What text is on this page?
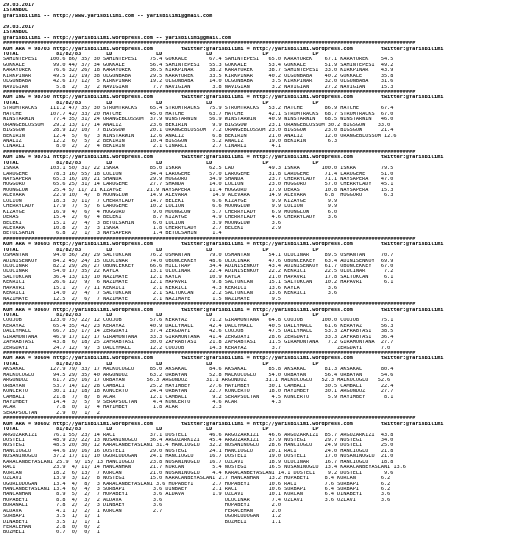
29.03.2017
ISTANBUL
@YarisBilimi -- http://www.yarisbilimi.com -- yarisbilimi@gmail.com

29.03.2017
ISTANBUL
@YarisBilimi -- http://yarisbilimi.wordpress.com -- yarisbilimi@gmail.com
####################################################################################################################################
KUM ARA = 98703 http://yarisbilimi.wordpress.com         twitter:@YarisBilimi = http://yarisbilimi.wordpress.com         twitter:@YarisBilimi
TOTAL            81/82/83        LD              LD              LD                LP              LP
SAHINTEPESI    100.6 86/ 35/ 30 SAHINTEPESI    75.4 GOKKALE       67.4 SAHINTEPESI   65.0 KARAYUREK    67.1 KARAYUREK    54.5
GOKKALE         99.0 44/ 37/ 34 GOKKALE        56.4 SAHINTEPESI   55.3 GOKKALE       53.4 GOKKALE      51.9 SAHINTEPESI  49.2
KARAYUREK       76.6 32/ 26/ 18 KARAYUREK      36.5 KIRKPINAR     38.2 KARAYUREK     38.7 SAHINTEPESI  33.0 KIRKPINAR    43.9
KIRKPINAR       49.5 12/ 19/ 38 OLGUNBABA      29.5 KARAYUREK     33.5 KIRKPINAR     40.2 OLGUNBABA    40.2 GOKKALE      35.8
OLGUNBABA       42.6 17/ 12/  5 KIRKPINAR      19.2 OLGUNBABA     14.0 OLGUNBABA      3.5 KIRKPINAR    32.0 OLGUNBABA    31.6
NAVIGIAN         5.8  2/  3/  2 NAVIGIAN        7.7 NAVIGIAN       3.8 NAVIGIAN       3.2 NAVIGIAN     27.2 NAVIGIAN     15.3
####################################################################################################################################
KUM ING = 98750 http://yarisbilimi.wordpress.com         twitter:@YarisBilimi = http://yarisbilimi.wordpress.com         twitter:@YarisBilimi
TOTAL            81/82/83        LD              LD              LD                LP              LP
STROMTRACKS    111.2 47/ 35/ 30 STROMTRACKS    65.4 STROMTRACKS   75.9 STROMTRACKS   53.2 HATCHE       86.9 HATCHE       67.4
HATCHE         107.7 42/ 33/ 20 HATCHE         45.0 HATCHE        63.7 HATCHE        42.1 STROMTRACKS  68.7 STROMTRACKS  67.0
WINSTARWIN      77.4 35/ 31/ 24 ORANGEBLOSSOM  37.9 WINSTARWIN    56.9 WINSTARWIN    40.9 WINSTARWIN   68.5 WINSTARWIN   46.0
ORANGEBLOSSOM   29.2 13/ 17/ 14 ANALIZ         23.6 BEKIRIN        9.9 BIGSGOW       23.1 ORANGEBLOSSOM 30.2 BIGSGOW    33.0
BIGSGOW         28.9 12/ 10/  7 BIGSGOW        20.1 ORANGEBLOSSOM  7.2 ORANGEBLOSSOM 23.0 BIGSGOW      23.0 BIGSGOW      21.4
BEKIRIN         12.4  5/  6/  3 WINSTARWIN     12.6 ANALIZ         6.8 BEKIRIN       21.0 ANALIZ       12.0 ORANGEBLOSSOM 12.6
ANALIZ          12.2  6/  5/  2 BEKIRIN        10.4 BIGSGOW        5.2 ANALIZ        19.0 BEKIRIN       6.3
CINARLI          8.0  2/  2/  4 BEKIRIN         2.1 CINARLI        2.7 CINARLI        4.1
####################################################################################################################################
KUM ING = 98751 http://yarisbilimi.wordpress.com         twitter:@YarisBilimi = http://yarisbilimi.wordpress.com         twitter:@YarisBilimi
TOTAL            81/82/83        LD              LD              LD                LP              LP
ISKRA          103.1 50/ 31/ 22 ISKRA          85.0 ISKRA         62.5 LAD           49.3 ISKRA       100.0 ISKRA        79.5
LAROGEME        78.3 16/ 55/ 18 LOLION         34.4 LAROGEME      57.0 LAROGEME      31.8 LAROGEME     71.4 LAROGEME     51.0
NAYSAPERA       65.3 16/ 10/ 21 SHANDA         29.9 HOGGORU       34.9 SHANDA        23.7 CHERRYLADY   71.1 NAYSAPERA    47.0
HOGGORU         65.6 25/ 31/ 14 LAROGEME       27.7 SHANDA        14.0 LOLION        23.0 HOGGORU      57.0 CHERRYLADY   45.1
MOONGLOW        25.4 5/ 11/ 21 KIZAYGE        21.9 NAYSAPERA      11.4 HOGGORU       17.9 DERAS        10.8 NAYSAPERA    15.3
ALEVARA         22.9 10/  4/  8 MOONGLOW       14.9 ALEVARA        14.9 ALEVARA      14.9 ALEVARA      6.8  HOGGORU       6.3
LOLION          18.3  3/ 11/  7 CHERRYLADY     14.7 BELEKI         6.6 KIZAYGE        9.9 KIZAYGE       9.9
CHERRYLADY      17.9  7/  5/  6 LAROGEME       10.2 LOLION         6.6 MOONGLOW       9.9 LOLION        9.9
KIZAYGE         16.9  4/  6/  4 HOGGORU         9.0 MOONGLOW       5.7 CHERRYLADY     6.9 MOONGLOW      6.0
DERAS           15.4  2/  6/  4 BELEKI          8.7 KIZAYGE        4.9 CHERRYLADY     4.6 CHERRYLADY    3.6
BELEKI          15.1  2/  4/  3 BETULSAHIN      6.0 LOLION         3.9 MOONGLOW       3.6
ALEVARA         10.8  2/  3/  3 ISKRA           1.8 CHERRYLADY     2.7 BELEKI         2.9
BETULSAHIN       6.8  2/  1/  3 NAYSAPERA       1.4 BETULSAHIN     1.4
####################################################################################################################################
KUM ARA = 98693 http://yarisbilimi.wordpress.com         twitter:@YarisBilimi = http://yarisbilimi.wordpress.com         twitter:@YarisBilimi
TOTAL            81/82/83        LD              LD              LD                LP              LP
OSMANTAN        94.0 36/ 29/ 29 SALTUKCAN      76.2 OSMANTAN      79.0 OSMANTAN      54.1 ULUCINAR     89.5 OSMANTAN     70.7
ADINISENKOY     84.2 45/ 24/ 15 ULUCINAR       74.0 OBUNCEKKEY    48.6 ULUCINAR      47.6 OBUNCEKKEY   63.4 ADINISENKOY  69.9
ULUCINAR        82.2 29/ 26/ 27 OBUNCEKKEY     66.6 HILLTRAP      34.4 ADINISENKOY   43.4 ADINISENKOY  61.7 OBUNCEKKEY   67.0
ULUCINAR        54.0 17/ 35/ 22 KAYLA          13.1 ULUCINAR      22.4 ADINISENKOY   22.2 KEKRICI      22.5 ULUCINAR      7.2
SALTUKCAN       36.4 13/ 13/ 10 NAZIMAYE       12.1 KAYLA         10.9 KAYLA         21.0 HAPAVRI      17.8 SALTUKCAN     6.1
KEKRICI         26.6 12/  9/  6 NAZIMAYE       12.1 HAPAVRI        9.8 SALTUKCAN     15.1 SALTUKCAN    10.2 HAPAVRI       6.1
HAPAVRI         15.1  2/  7/ 11 KEKRICI         2.1 KEKRICI        4.3 KEKRICI       13.6 KAYLA         3.6
KEKRICI         14.0  2/  4/  7 SALTUKCAN       2.1 SALTUKCAN      2.2 SALTUKCAN     13.6 KEKRICI       3.6
NAZIMAYE        12.5  2/  6/  7 NAZIMAYE        2.1 NAZIMAYE       1.5 NAZIMAYE       9.5
####################################################################################################################################
KUM ARA = 98697 http://yarisbilimi.wordpress.com         twitter:@YarisBilimi = http://yarisbilimi.wordpress.com         twitter:@YarisBilimi
TOTAL            81/82/83        LD              LD              LD                LP              LP
COOJOB         123.0 75/ 22/ 12 COOJOB         57.6 KERAYAZ       71.2 GIRAMONTANA   64.8 COOJOB      100.0 COOJOB       75.1
KERAYAZ         65.4 35/ 42/ 23 KERAYAZ        40.9 DALLYMALL     42.4 DALLYMALL     40.5 DALLYMALL    61.6 KERAYAZ      56.3
DALLYMALL       66.7 15/ 17/ 14 ZERGDAYI       37.4 ZERGDAYI      42.6 COOJOB        47.5 DALLYMALL    53.3 ZAFRABTASI   38.5
GIRAMONTANA     46.9 17/ 12/ 17 GIRAMONTANA    33.3 GIRAMONTANA   41.4 ZERGDAYI      28.6 ZERGDAYI     33.3 ZAFRABTASI   36.4
ZAFRABTASI      43.8  6/ 18/ 25 ZAFRABTASI     30.0 ZAFRABTASI    21.8 ZAFRABTASI    11.5 GIRAMONTANA   7.2 GIRAMONTANA  27.7
ZERGDAYI        24.7 12/  9/  3 DALLYMALL      12.2 COOJOB        14.3 KERAYAZ        3.7                  ZERGDAYI      7.0
####################################################################################################################################
KUM ARA = 98694 http://yarisbilimi.wordpress.com         twitter:@YarisBilimi = http://yarisbilimi.wordpress.com         twitter:@YarisBilimi
TOTAL            81/82/83        LD              LD              LD                LP              LP
AKSAKAL        127.9 79/ 33/ 17 MALKOCOGLU     85.0 AKSAKAL       84.6 AKSAKAL       85.8 AKSAKAL      81.3 AKSAKAL      80.4
MALKOCOGLU      94.5 29/ 35/ 40 ARGUNDUZ       63.2 ORBAYAN       52.8 MALKOCOGLU    54.0 ORBAYAN      56.4 ORBAYAN      54.6
ARGUNDUZ        61.7 25/ 16/ 17 ORBAYAN       56.3 ARGUNDUZ      31.1 ARGUNDUZ      31.1 MALKOCOGLU   52.3 MALKOCOGLU   52.6
ORBAYAN         53.7 14/ 12/ 28 CAMBALI        25.2 HAYIMBEY      27.6 HAYIMBEY      30.1 CAMBALI      30.5 CAMBALI      22.4
KONCERTO        30.1 11/ 18/ 18 KONCERTO       24.4 ORBAYAN       22.7 KONCERTO      18.0 HAYIMBEY     30.1 ARGUNDUZ     27.7
CAMBALI         21.8  7/  8/  8 ACAR           12.1 CAMBALI        9.2 SERAPSULTAN    4.5 KONCERTO      5.9 HAYIMBEY      8.1
HAYIMBEY        14.4  3/  5/  9 SERAPSULTAN     4.4 KONCERTO       4.6 ACAR           4.3
ACAR             7.8  0/  1/  4 HAYIMBEY        1.8 ACAR           2.3
SERAPSULTAN      2.9  0/  1/  2
####################################################################################################################################
KUM ARA = 98692 http://yarisbilimi.wordpress.com         twitter:@YarisBilimi = http://yarisbilimi.wordpress.com         twitter:@YarisBilimi
TOTAL            81/82/83        LD              LD              LD                LP              LP
ARGUZARKIZI     76.1 55/ 23/ 14 RACI           37.1 DOSTELI       46.6 ARGUZARKIZI   46.6 ARGUZARKIZI  85.7 ARGUZARKIZI  43.8
DOSTELI         48.9 23/ 22/ 13 NUSANINOGLU    36.4 ARGUZARKIZI   45.4 ARGUZARKIZI   37.9 NOSTEGI      29.7 NOSTEGI      34.0
NOSTEGI         48.5 20/ 30/ 12 KARACANBEYASLANI 31.4 HANCIOGLU   32.2 NUSANINOGLU   28.6 HANCIOGLU    24.9 DOSTELI      25.0
HANCIOGLU       44.6 19/ 16/ 16 DOSTELI        29.0 NOSTEGI       24.1 HANCIOGLU     20.1 RACI         24.0 HANCIOGLU    21.8
NUSANINOGLU     37.2 17/ 11/ 10 UGURLUDOGAN    24.1 HANCIOGLU     16.7 DOSTELI       19.0 DOSTELI      17.0 NUSANINOGLU  21.0
KARACANBEYASLANI 25.9  9/ 15/ 13 HANCIOGLU     23.8 NUSANINOGLU   16.7 OZLAVI        18.9 ULUCINAR     16.7 HANCIOGLU    18.8
RACI            23.9  4/ 11/ 14 HANCANHAN      21.7 KORCAN         5.4 NOSTEGI       16.5 NUSANINOGLU  13.4 KARACANBEYASLANI 13.6
KORCAN          18.2  6/ 13/  7 KORCAN         21.0 NUSANINOGLU    4.4 KARACANBEYASLANI 14.1 DOSTELI    9.2 DOSTELI       9.6
OZLAVI          13.9  3/ 12/  8 NOSTEGI        15.0 KARACANBEYASLANI 2.7 HANCANHAN   13.2 HOPABEYI     8.4 KORCAN        6.2
UGURLUDOGAN     13.4  4/  8/  3 KARACANBEYASLANI 3.6 HOPABEYI      2.7 HOPABEYI      10.6 RACI         7.6 SURBAPI       6.2
HANCANBEYASLANI 13.4  6/  4/  3 SURBAPI         3.6 DINBAEY        2.1 RACI          10.6 SURBAPI      6.4 SURBAPI       6.2
HANCANHAN        8.9  5/  2/  7 HOPABEYI        3.6 ALDAVA         1.9 OZLAVI        10.1 KORCAN       6.4 DINABEYI      3.6
HOPABEYI         8.8  4/  3/  2 ALDAVA          3.6                    ULUCINAR       7.4 OZLAVI       3.6 OZLAVI        3.6
BURANALI         7.8  2/  2/  3 DINBAEY         3.6                    HOPABEYI       2.0
ALDAVA           4.1  1/  2/  1 KORCAN          2.7                    FERACEHAN      2.0
SURBAPI          3.5  1/  1/  1                                        UGURLUDOGAN    1.2
DINABEYI         3.5  1/  1/  1                                        BUZMELI        1.1
FERACEHAN        2.8  0/  0/  2
BUZMELI          0.7  0/  0/  1
